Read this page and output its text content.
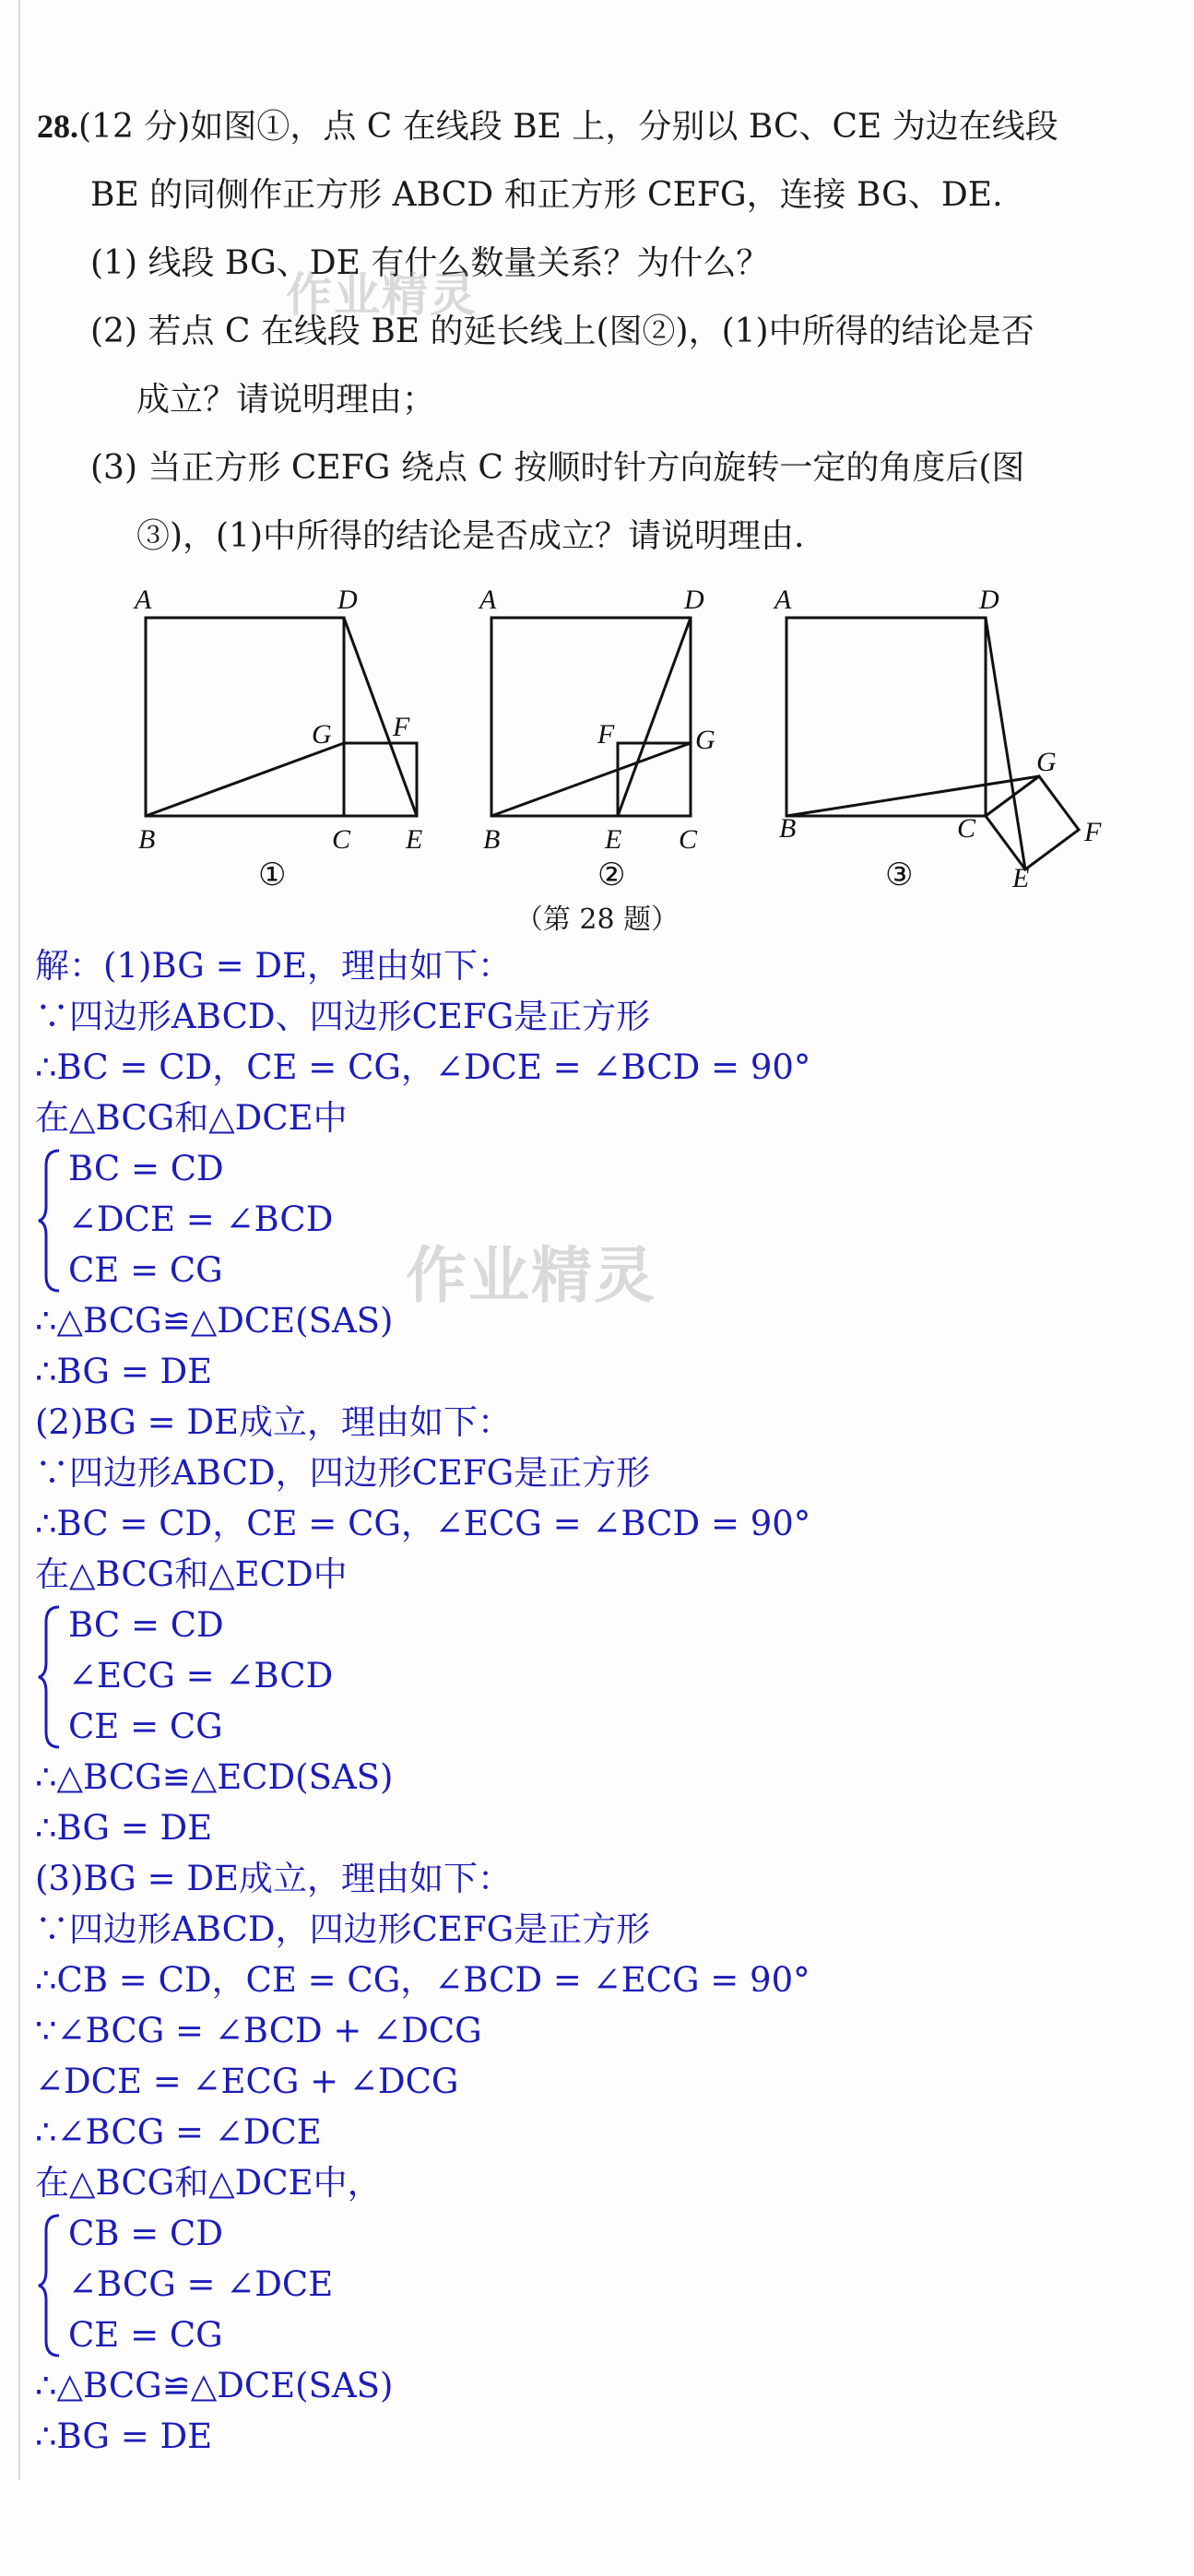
28.(12 分)如图①，点 C 在线段 BE 上，分别以 BC、CE 为边在线段

BE 的同侧作正方形 ABCD 和正方形 CEFG，连接 BG、DE.

(1) 线段 BG、DE 有什么数量关系？为什么？

(2) 若点 C 在线段 BE 的延长线上(图②)，(1)中所得的结论是否

成立？请说明理由；

(3) 当正方形 CEFG 绕点 C 按顺时针方向旋转一定的角度后(图

③)，(1)中所得的结论是否成立？请说明理由.

A	D
G F
B	C E
①
A	D
F	G
B	E C
②
A	D
G
C	F
B
E
③
（第 28 题）
解：(1)BG = DE，理由如下：
∵四边形ABCD、四边形CEFG是正方形
∴BC = CD，CE = CG，∠DCE = ∠BCD = 90°
在△BCG和△DCE中
BC = CD
∠DCE = ∠BCD
CE = CG
∴△BCG≌△DCE(SAS)
∴BG = DE
(2)BG = DE成立，理由如下：
∵四边形ABCD，四边形CEFG是正方形
∴BC = CD，CE = CG，∠ECG = ∠BCD = 90°
在△BCG和△ECD中
BC = CD
∠ECG = ∠BCD
CE = CG
∴△BCG≌△ECD(SAS)
∴BG = DE
(3)BG = DE成立，理由如下：
∵四边形ABCD，四边形CEFG是正方形
∴CB = CD，CE = CG，∠BCD = ∠ECG = 90°
∵∠BCG = ∠BCD + ∠DCG
∠DCE = ∠ECG + ∠DCG
∴∠BCG = ∠DCE
在△BCG和△DCE中，
CB = CD
∠BCG = ∠DCE
CE = CG
∴△BCG≌△DCE(SAS)
∴BG = DE
作业精灵
作业精灵
